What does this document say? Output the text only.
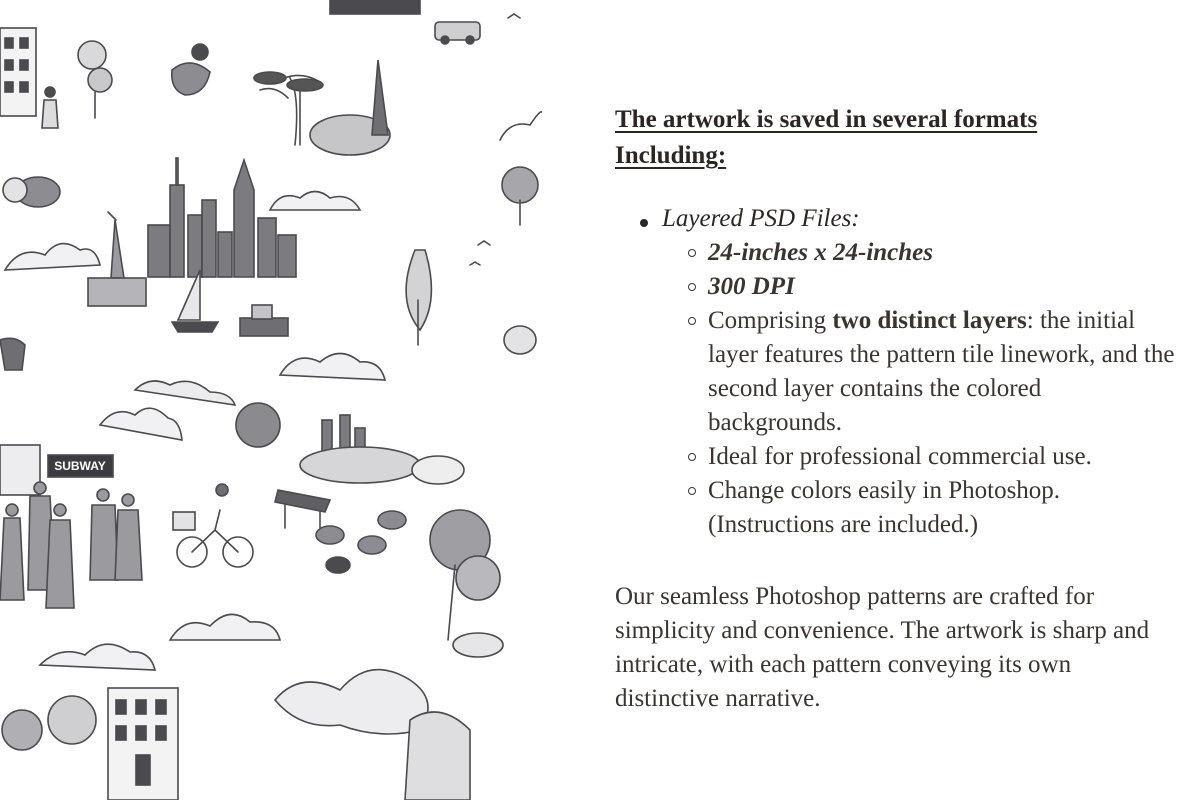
SUBWAY
The artwork is saved in several formats
Including:
Layered PSD Files:
24-inches x 24-inches
300 DPI
Comprising two distinct layers: the initial layer features the pattern tile linework, and the second layer contains the colored backgrounds.
Ideal for professional commercial use.
Change colors easily in Photoshop.
(Instructions are included.)

Our seamless Photoshop patterns are crafted for simplicity and convenience. The artwork is sharp and intricate, with each pattern conveying its own distinctive narrative.
